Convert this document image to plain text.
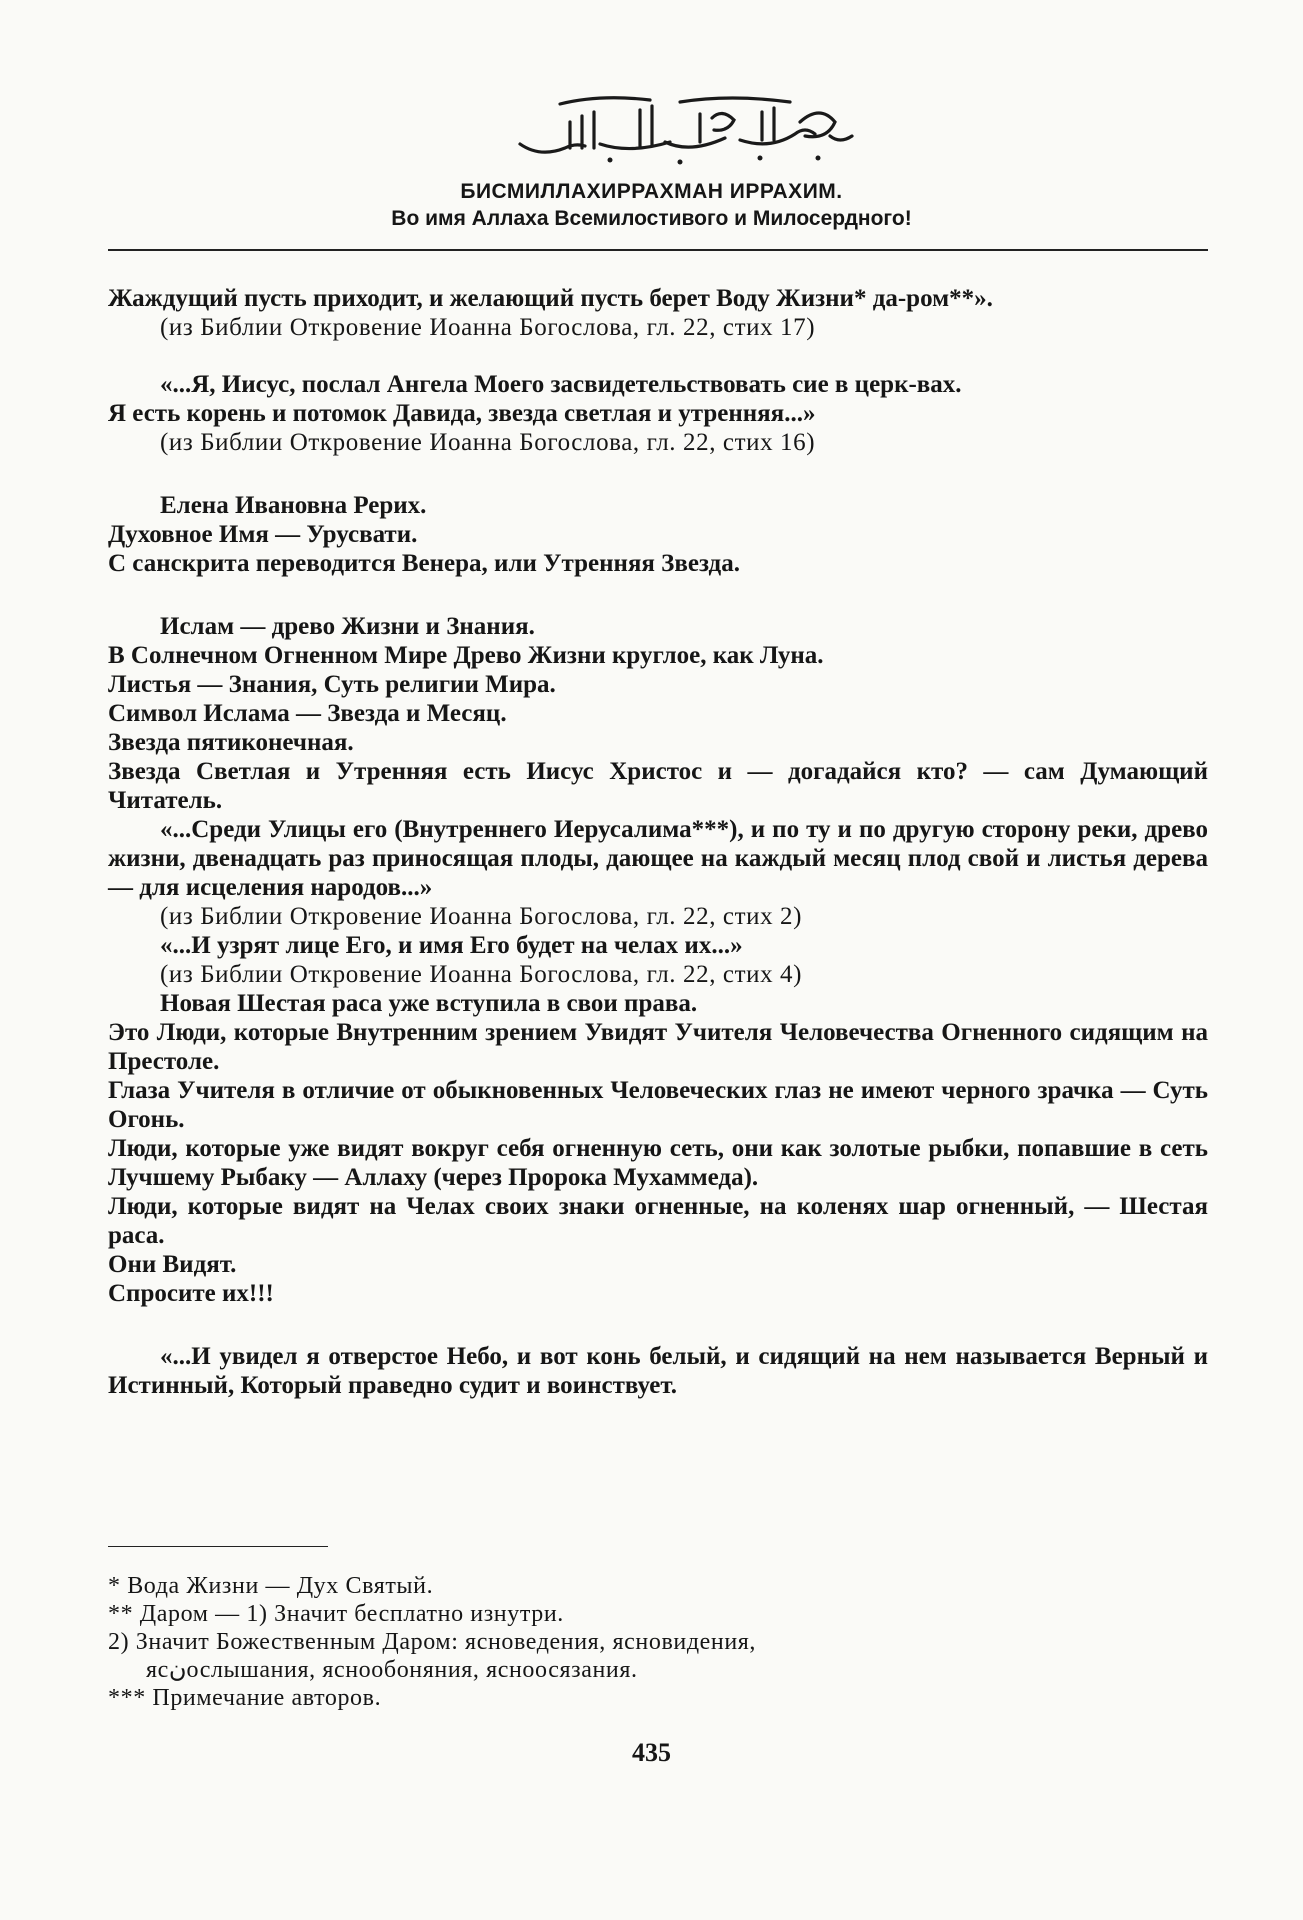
БИСМИЛЛАХИРРАХМАН ИРРАХИМ.
Во имя Аллаха Всемилостивого и Милосердного!

Жаждущий пусть приходит, и желающий пусть берет Воду Жизни* да-ром**».

(из Библии Откровение Иоанна Богослова, гл. 22, стих 17)

«...Я, Иисус, послал Ангела Моего засвидетельствовать сие в церк-вах.

Я есть корень и потомок Давида, звезда светлая и утренняя...»

(из Библии Откровение Иоанна Богослова, гл. 22, стих 16)

Елена Ивановна Рерих.

Духовное Имя — Урусвати.

С санскрита переводится Венера, или Утренняя Звезда.

Ислам — древо Жизни и Знания.

В Солнечном Огненном Мире Древо Жизни круглое, как Луна.

Листья — Знания, Суть религии Мира.

Символ Ислама — Звезда и Месяц.

Звезда пятиконечная.

Звезда Светлая и Утренняя есть Иисус Христос и — догадайся кто? — сам Думающий Читатель.

«...Среди Улицы его (Внутреннего Иерусалима***), и по ту и по другую сторону реки, древо жизни, двенадцать раз приносящая плоды, дающее на каждый месяц плод свой и листья дерева — для исцеления народов...»

(из Библии Откровение Иоанна Богослова, гл. 22, стих 2)

«...И узрят лице Его, и имя Его будет на челах их...»

(из Библии Откровение Иоанна Богослова, гл. 22, стих 4)

Новая Шестая раса уже вступила в свои права.

Это Люди, которые Внутренним зрением Увидят Учителя Человечества Огненного сидящим на Престоле.

Глаза Учителя в отличие от обыкновенных Человеческих глаз не имеют черного зрачка — Суть Огонь.

Люди, которые уже видят вокруг себя огненную сеть, они как золотые рыбки, попавшие в сеть Лучшему Рыбаку — Аллаху (через Пророка Мухаммеда).

Люди, которые видят на Челах своих знаки огненные, на коленях шар огненный, — Шестая раса.

Они Видят.

Спросите их!!!

«...И увидел я отверстое Небо, и вот конь белый, и сидящий на нем называется Верный и Истинный, Который праведно судит и воинствует.

* Вода Жизни — Дух Святый.

** Даром — 1) Значит бесплатно изнутри.

2) Значит Божественным Даром: ясноведения, ясновидения,

ясنослышания, яснообоняния, ясноосязания.

*** Примечание авторов.

435
